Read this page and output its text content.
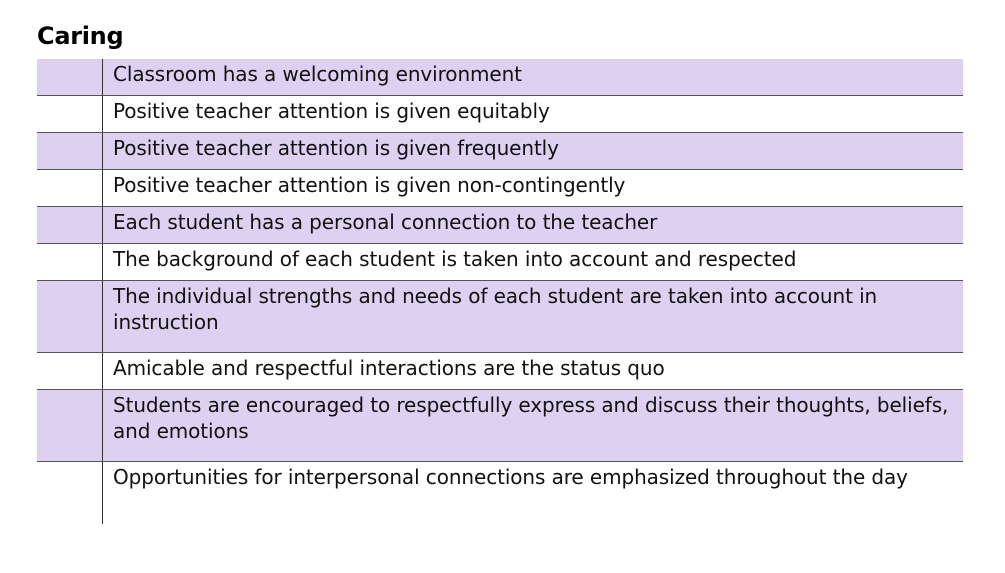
Caring
Classroom has a welcoming environment
Positive teacher attention is given equitably
Positive teacher attention is given frequently
Positive teacher attention is given non-contingently
Each student has a personal connection to the teacher
The background of each student is taken into account and respected
The individual strengths and needs of each student are taken into account in instruction
Amicable and respectful interactions are the status quo
Students are encouraged to respectfully express and discuss their thoughts, beliefs, and emotions
Opportunities for interpersonal connections are emphasized throughout the day
